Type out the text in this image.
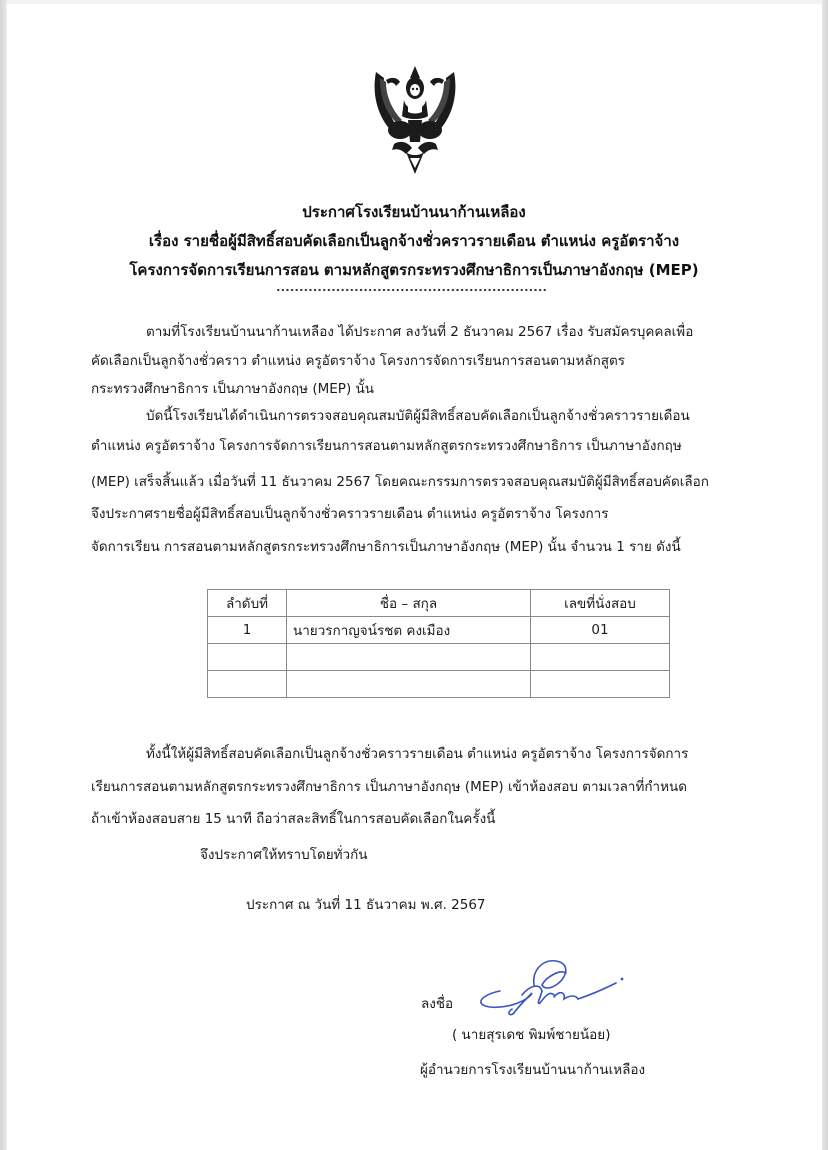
ประกาศโรงเรียนบ้านนาก้านเหลือง
เรื่อง รายชื่อผู้มีสิทธิ์สอบคัดเลือกเป็นลูกจ้างชั่วคราวรายเดือน ตำแหน่ง ครูอัตราจ้าง
โครงการจัดการเรียนการสอน ตามหลักสูตรกระทรวงศึกษาธิการเป็นภาษาอังกฤษ (MEP)
ตามที่โรงเรียนบ้านนาก้านเหลือง ได้ประกาศ ลงวันที่ 2 ธันวาคม 2567 เรื่อง รับสมัครบุคคลเพื่อ
คัดเลือกเป็นลูกจ้างชั่วคราว ตำแหน่ง ครูอัตราจ้าง โครงการจัดการเรียนการสอนตามหลักสูตร
กระทรวงศึกษาธิการ เป็นภาษาอังกฤษ (MEP) นั้น
บัดนี้โรงเรียนได้ดำเนินการตรวจสอบคุณสมบัติผู้มีสิทธิ์สอบคัดเลือกเป็นลูกจ้างชั่วคราวรายเดือน
ตำแหน่ง ครูอัตราจ้าง โครงการจัดการเรียนการสอนตามหลักสูตรกระทรวงศึกษาธิการ เป็นภาษาอังกฤษ
(MEP) เสร็จสิ้นแล้ว เมื่อวันที่ 11 ธันวาคม 2567 โดยคณะกรรมการตรวจสอบคุณสมบัติผู้มีสิทธิ์สอบคัดเลือก
จึงประกาศรายชื่อผู้มีสิทธิ์สอบเป็นลูกจ้างชั่วคราวรายเดือน ตำแหน่ง ครูอัตราจ้าง โครงการ
จัดการเรียน การสอนตามหลักสูตรกระทรวงศึกษาธิการเป็นภาษาอังกฤษ (MEP) นั้น จำนวน 1 ราย ดังนี้
ลำดับที่	ชื่อ – สกุล	เลขที่นั่งสอบ
1	นายวรกาญจน์รชต คงเมือง	01

ทั้งนี้ให้ผู้มีสิทธิ์สอบคัดเลือกเป็นลูกจ้างชั่วคราวรายเดือน ตำแหน่ง ครูอัตราจ้าง โครงการจัดการ
เรียนการสอนตามหลักสูตรกระทรวงศึกษาธิการ เป็นภาษาอังกฤษ (MEP) เข้าห้องสอบ ตามเวลาที่กำหนด
ถ้าเข้าห้องสอบสาย 15 นาที ถือว่าสละสิทธิ์ในการสอบคัดเลือกในครั้งนี้
จึงประกาศให้ทราบโดยทั่วกัน
ประกาศ ณ วันที่ 11 ธันวาคม พ.ศ. 2567
ลงชื่อ
( นายสุรเดช พิมพ์ชายน้อย)
ผู้อำนวยการโรงเรียนบ้านนาก้านเหลือง
